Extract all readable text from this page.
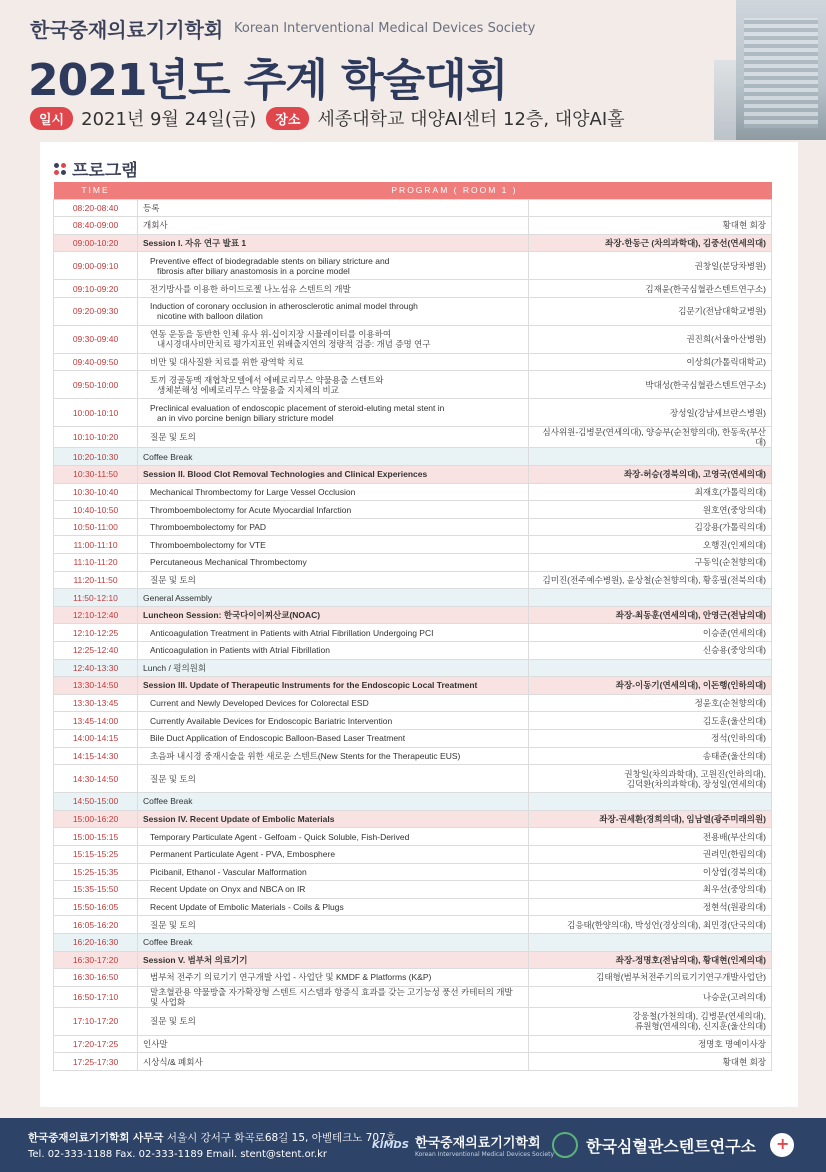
한국중재의료기기학회 Korean Interventional Medical Devices Society
2021년도 추계 학술대회
일시 2021년 9월 24일(금)	장소 세종대학교 대양AI센터 12층, 대양AI홀
프로그램
TIME	PROGRAM ( ROOM 1 )	
08:20-08:40	등록	

08:40-09:00	개회사	황대현 회장

09:00-10:20	Session I. 자유 연구 발표 1	좌장-한동근 (차의과학대), 김중선(연세의대)

09:00-09:10	Preventive effect of biodegradable stents on biliary stricture and
fibrosis after biliary anastomosis in a porcine model	권창일(분당차병원)

09:10-09:20	전기방사를 이용한 하이드로젤 나노섬유 스텐트의 개발	김재윤(한국심혈관스텐트연구소)

09:20-09:30	Induction of coronary occlusion in atherosclerotic animal model through
nicotine with balloon dilation	김문기(전남대학교병원)

09:30-09:40	연동 운동을 동반한 인체 유사 위-십이지장 시뮬레이터를 이용하여
내시경대사비만치료 평가지표인 위배출지연의 정량적 검증: 개념 증명 연구	권진희(서울아산병원)

09:40-09:50	비만 및 대사질환 치료를 위한 광역학 치료	이상희(가톨릭대학교)

09:50-10:00	토끼 경골동맥 재협착모델에서 에베로리무스 약물용출 스텐트와
생체분해성 에베로리무스 약물용출 지지체의 비교	박대성(한국심혈관스텐트연구소)

10:00-10:10	Preclinical evaluation of endoscopic placement of steroid-eluting metal stent in
an in vivo porcine benign biliary stricture model	장성일(강남세브란스병원)

10:10-10:20	질문 및 토의	심사위원-김병문(연세의대), 양승부(순천향의대), 한동욱(부산대)

10:20-10:30	Coffee Break	

10:30-11:50	Session II. Blood Clot Removal Technologies and Clinical Experiences	좌장-허승(경북의대), 고영국(연세의대)

10:30-10:40	Mechanical Thrombectomy for Large Vessel Occlusion	최재호(가톨릭의대)

10:40-10:50	Thromboembolectomy for Acute Myocardial Infarction	원호연(중앙의대)

10:50-11:00	Thromboembolectomy for PAD	김강용(가톨릭의대)

11:00-11:10	Thromboembolectomy for VTE	오행진(인제의대)

11:10-11:20	Percutaneous Mechanical Thrombectomy	구동익(순천향의대)

11:20-11:50	질문 및 토의	김미진(전주예수병원), 윤상철(순천향의대), 황홍필(전북의대)

11:50-12:10	General Assembly	

12:10-12:40	Luncheon Session: 한국다이이찌산쿄(NOAC)	좌장-최동훈(연세의대), 안영근(전남의대)

12:10-12:25	Anticoagulation Treatment in Patients with Atrial Fibrillation Undergoing PCI	이승준(연세의대)

12:25-12:40	Anticoagulation in Patients with Atrial Fibrillation	신승용(중앙의대)

12:40-13:30	Lunch / 평의원회	

13:30-14:50	Session III. Update of Therapeutic Instruments for the Endoscopic Local Treatment	좌장-이동기(연세의대), 이돈행(인하의대)

13:30-13:45	Current and Newly Developed Devices for Colorectal ESD	정윤호(순천향의대)

13:45-14:00	Currently Available Devices for Endoscopic Bariatric Intervention	김도훈(울산의대)

14:00-14:15	Bile Duct Application of Endoscopic Balloon-Based Laser Treatment	정석(인하의대)

14:15-14:30	초음파 내시경 중재시술을 위한 새로운 스텐트(New Stents for the Therapeutic EUS)	송태준(울산의대)

14:30-14:50	질문 및 토의	권창일(차의과학대), 고원진(인하의대),
김덕환(차의과학대), 장성일(연세의대)

14:50-15:00	Coffee Break	

15:00-16:20	Session IV. Recent Update of Embolic Materials	좌장-권세환(경희의대), 임남열(광주미래의원)

15:00-15:15	Temporary Particulate Agent - Gelfoam - Quick Soluble, Fish-Derived	전용배(부산의대)

15:15-15:25	Permanent Particulate Agent - PVA, Embosphere	권려민(한림의대)

15:25-15:35	Picibanil, Ethanol - Vascular Malformation	이상엽(경북의대)

15:35-15:50	Recent Update on Onyx and NBCA on IR	최우선(중앙의대)

15:50-16:05	Recent Update of Embolic Materials - Coils & Plugs	정현석(원광의대)

16:05-16:20	질문 및 토의	김응태(한양의대), 박성언(경상의대), 최민경(단국의대)

16:20-16:30	Coffee Break	

16:30-17:20	Session V. 범부처 의료기기	좌장-정명호(전남의대), 황대현(인제의대)

16:30-16:50	범부처 전주기 의료기기 연구개발 사업 - 사업단 및 KMDF & Platforms (K&P)	김태형(범부처전주기의료기기연구개발사업단)

16:50-17:10	말초혈관용 약물방출 자가확장형 스텐트 시스템과 항증식 효과를 갖는 고기능성 풍선 카테터의 개발 및 사업화	나승운(고려의대)

17:10-17:20	질문 및 토의	강웅철(가천의대), 김병문(연세의대),
류원형(연세의대), 신지훈(울산의대)

17:20-17:25	인사말	정명호 명예이사장

17:25-17:30	시상식/& 폐회사	황대현 회장
한국중재의료기기학회 사무국 서울시 강서구 화곡로68길 15, 아벨테크노 707호
Tel. 02-333-1188 Fax. 02-333-1189 Email. stent@stent.or.kr
KIMDS 한국중재의료기기학회
Korean Interventional Medical Devices Society 한국심혈관스텐트연구소
+
